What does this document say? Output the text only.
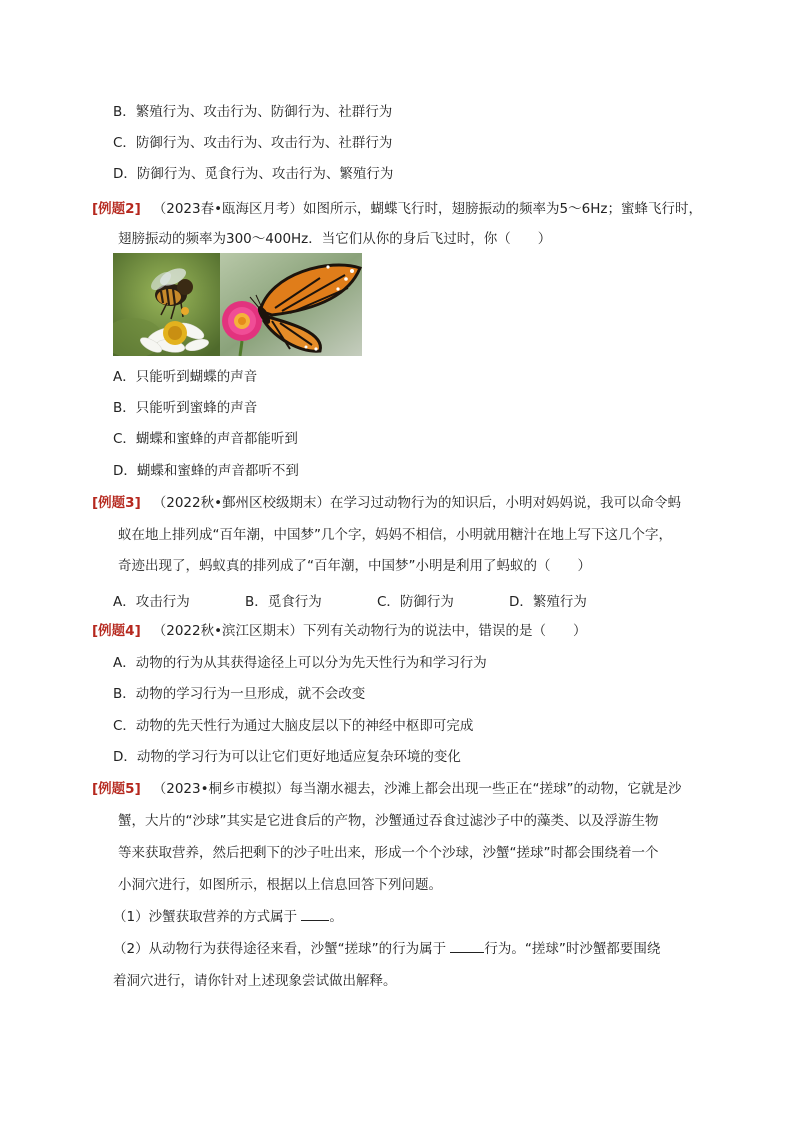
B．繁殖行为、攻击行为、防御行为、社群行为
C．防御行为、攻击行为、攻击行为、社群行为
D．防御行为、觅食行为、攻击行为、繁殖行为
[例题2] （2023春•瓯海区月考）如图所示，蝴蝶飞行时，翅膀振动的频率为5～6Hz；蜜蜂飞行时，
翅膀振动的频率为300～400Hz．当它们从你的身后飞过时，你（　　）
A．只能听到蝴蝶的声音
B．只能听到蜜蜂的声音
C．蝴蝶和蜜蜂的声音都能听到
D．蝴蝶和蜜蜂的声音都听不到
[例题3] （2022秋•鄞州区校级期末）在学习过动物行为的知识后，小明对妈妈说，我可以命令蚂
蚁在地上排列成“百年潮，中国梦”几个字，妈妈不相信，小明就用糖汁在地上写下这几个字，
奇迹出现了，蚂蚁真的排列成了“百年潮，中国梦”小明是利用了蚂蚁的（　　）
A．攻击行为	B．觅食行为	C．防御行为	D．繁殖行为
[例题4] （2022秋•滨江区期末）下列有关动物行为的说法中，错误的是（　　）
A．动物的行为从其获得途径上可以分为先天性行为和学习行为
B．动物的学习行为一旦形成，就不会改变
C．动物的先天性行为通过大脑皮层以下的神经中枢即可完成
D．动物的学习行为可以让它们更好地适应复杂环境的变化
[例题5] （2023•桐乡市模拟）每当潮水褪去，沙滩上都会出现一些正在“搓球”的动物，它就是沙
蟹，大片的“沙球”其实是它进食后的产物，沙蟹通过吞食过滤沙子中的藻类、以及浮游生物
等来获取营养，然后把剩下的沙子吐出来，形成一个个沙球，沙蟹“搓球”时都会围绕着一个
小洞穴进行，如图所示，根据以上信息回答下列问题。
（1）沙蟹获取营养的方式属于 。
（2）从动物行为获得途径来看，沙蟹“搓球”的行为属于	行为。“搓球”时沙蟹都要围绕
着洞穴进行，请你针对上述现象尝试做出解释。
